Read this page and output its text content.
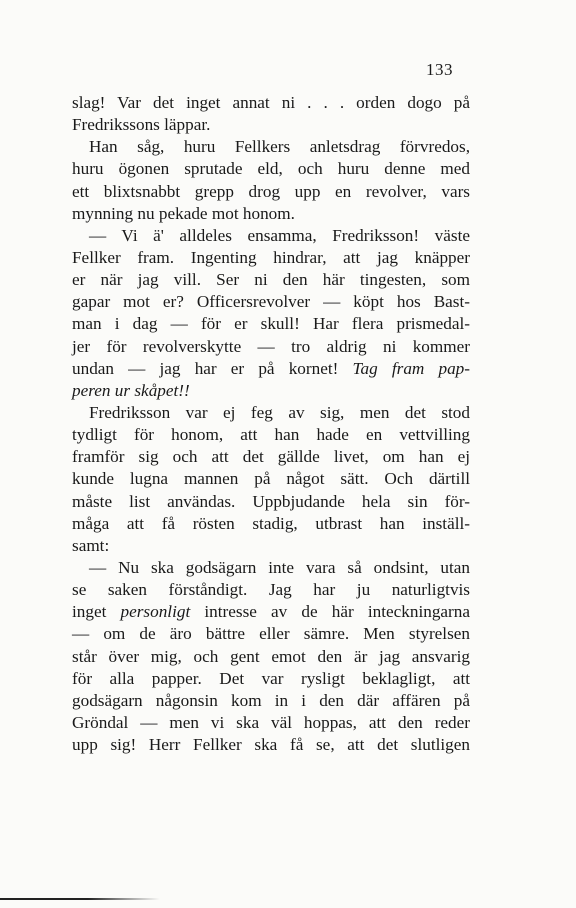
133
slag! Var det inget annat ni . . . orden dogo på
Fredrikssons läppar.
Han såg, huru Fellkers anletsdrag förvredos,
huru ögonen sprutade eld, och huru denne med
ett blixtsnabbt grepp drog upp en revolver, vars
mynning nu pekade mot honom.
— Vi ä' alldeles ensamma, Fredriksson! väste
Fellker fram. Ingenting hindrar, att jag knäpper
er när jag vill. Ser ni den här tingesten, som
gapar mot er? Officersrevolver — köpt hos Bast-
man i dag — för er skull! Har flera prismedal-
jer för revolverskytte — tro aldrig ni kommer
undan — jag har er på kornet! Tag fram pap-
peren ur skåpet!!
Fredriksson var ej feg av sig, men det stod
tydligt för honom, att han hade en vettvilling
framför sig och att det gällde livet, om han ej
kunde lugna mannen på något sätt. Och därtill
måste list användas. Uppbjudande hela sin för-
måga att få rösten stadig, utbrast han inställ-
samt:
— Nu ska godsägarn inte vara så ondsint, utan
se saken förståndigt. Jag har ju naturligtvis
inget personligt intresse av de här inteckningarna
— om de äro bättre eller sämre. Men styrelsen
står över mig, och gent emot den är jag ansvarig
för alla papper. Det var rysligt beklagligt, att
godsägarn någonsin kom in i den där affären på
Gröndal — men vi ska väl hoppas, att den reder
upp sig! Herr Fellker ska få se, att det slutligen
